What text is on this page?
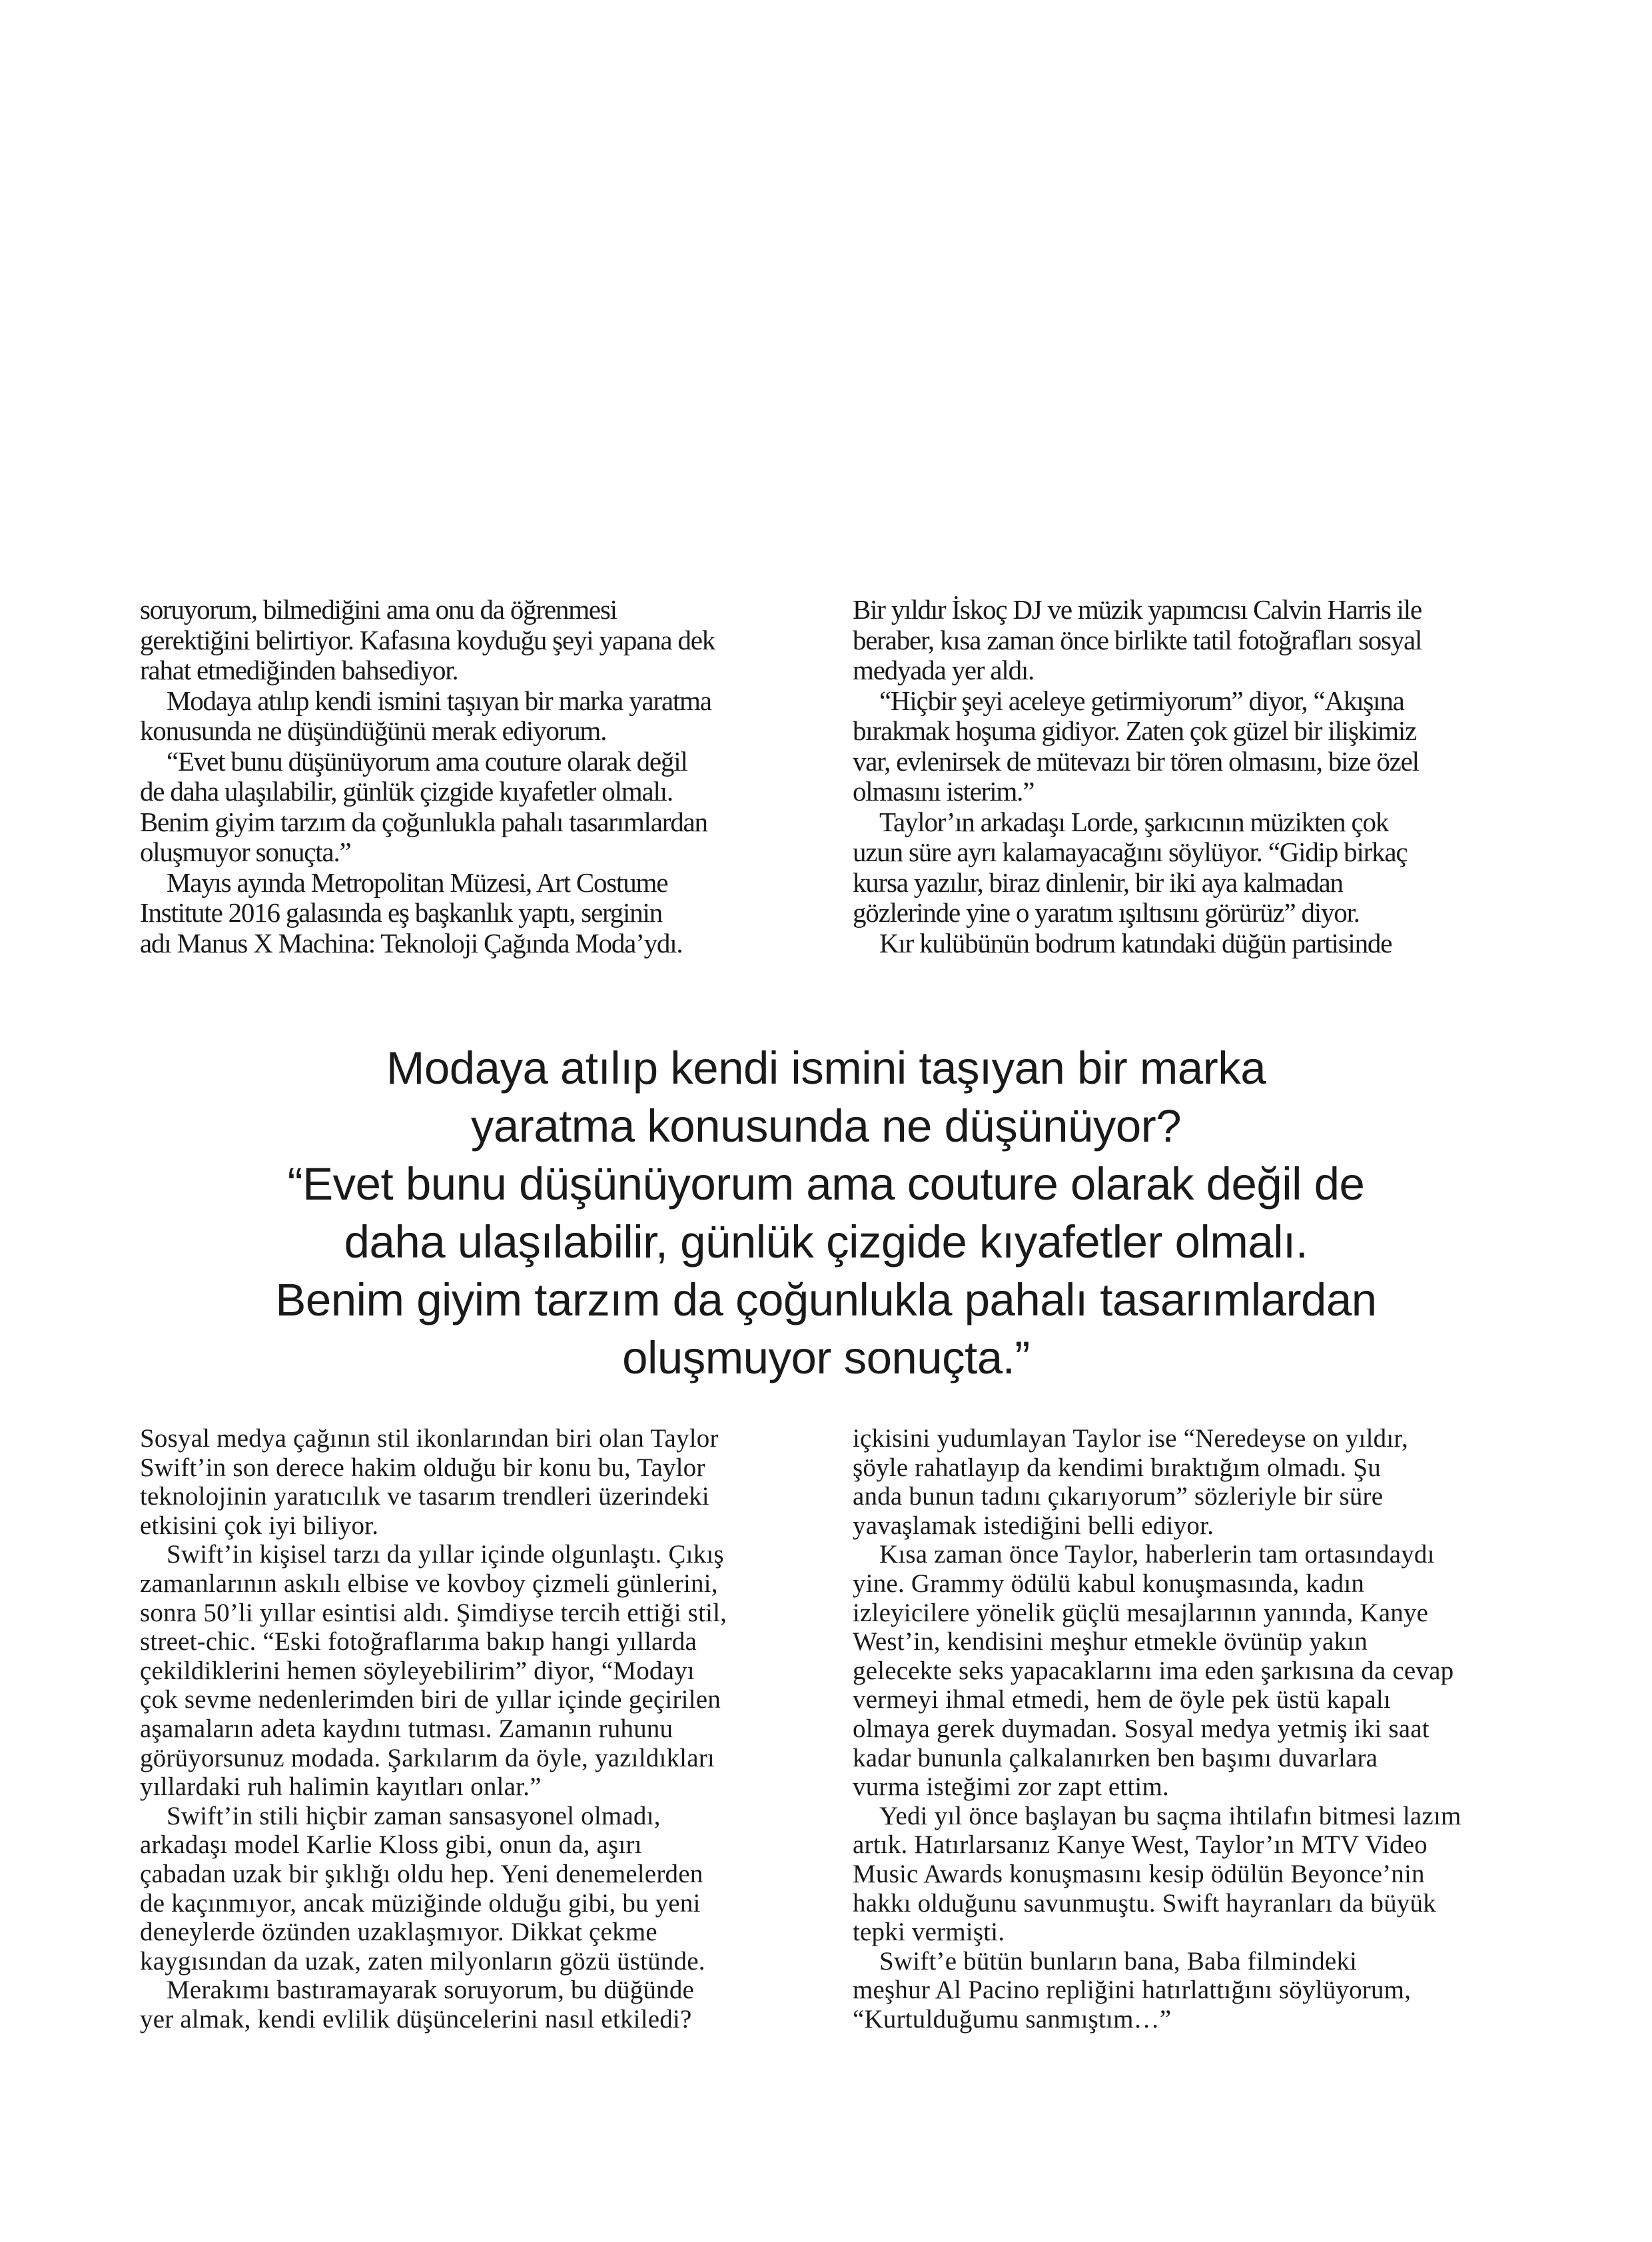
soruyorum, bilmediğini ama onu da öğrenmesi
gerektiğini belirtiyor. Kafasına koyduğu şeyi yapana dek
rahat etmediğinden bahsediyor.
Modaya atılıp kendi ismini taşıyan bir marka yaratma
konusunda ne düşündüğünü merak ediyorum.
“Evet bunu düşünüyorum ama couture olarak değil
de daha ulaşılabilir, günlük çizgide kıyafetler olmalı.
Benim giyim tarzım da çoğunlukla pahalı tasarımlardan
oluşmuyor sonuçta.”
Mayıs ayında Metropolitan Müzesi, Art Costume
Institute 2016 galasında eş başkanlık yaptı, serginin
adı Manus X Machina: Teknoloji Çağında Moda’ydı.
Bir yıldır İskoç DJ ve müzik yapımcısı Calvin Harris ile
beraber, kısa zaman önce birlikte tatil fotoğrafları sosyal
medyada yer aldı.
“Hiçbir şeyi aceleye getirmiyorum” diyor, “Akışına
bırakmak hoşuma gidiyor. Zaten çok güzel bir ilişkimiz
var, evlenirsek de mütevazı bir tören olmasını, bize özel
olmasını isterim.”
Taylor’ın arkadaşı Lorde, şarkıcının müzikten çok
uzun süre ayrı kalamayacağını söylüyor. “Gidip birkaç
kursa yazılır, biraz dinlenir, bir iki aya kalmadan
gözlerinde yine o yaratım ışıltısını görürüz” diyor.
Kır kulübünün bodrum katındaki düğün partisinde
Modaya atılıp kendi ismini taşıyan bir marka
yaratma konusunda ne düşünüyor?
“Evet bunu düşünüyorum ama couture olarak değil de
daha ulaşılabilir, günlük çizgide kıyafetler olmalı.
Benim giyim tarzım da çoğunlukla pahalı tasarımlardan
oluşmuyor sonuçta.”
Sosyal medya çağının stil ikonlarından biri olan Taylor
Swift’in son derece hakim olduğu bir konu bu, Taylor
teknolojinin yaratıcılık ve tasarım trendleri üzerindeki
etkisini çok iyi biliyor.
Swift’in kişisel tarzı da yıllar içinde olgunlaştı. Çıkış
zamanlarının askılı elbise ve kovboy çizmeli günlerini,
sonra 50’li yıllar esintisi aldı. Şimdiyse tercih ettiği stil,
street-chic. “Eski fotoğraflarıma bakıp hangi yıllarda
çekildiklerini hemen söyleyebilirim” diyor, “Modayı
çok sevme nedenlerimden biri de yıllar içinde geçirilen
aşamaların adeta kaydını tutması. Zamanın ruhunu
görüyorsunuz modada. Şarkılarım da öyle, yazıldıkları
yıllardaki ruh halimin kayıtları onlar.”
Swift’in stili hiçbir zaman sansasyonel olmadı,
arkadaşı model Karlie Kloss gibi, onun da, aşırı
çabadan uzak bir şıklığı oldu hep. Yeni denemelerden
de kaçınmıyor, ancak müziğinde olduğu gibi, bu yeni
deneylerde özünden uzaklaşmıyor. Dikkat çekme
kaygısından da uzak, zaten milyonların gözü üstünde.
Merakımı bastıramayarak soruyorum, bu düğünde
yer almak, kendi evlilik düşüncelerini nasıl etkiledi?
içkisini yudumlayan Taylor ise “Neredeyse on yıldır,
şöyle rahatlayıp da kendimi bıraktığım olmadı. Şu
anda bunun tadını çıkarıyorum” sözleriyle bir süre
yavaşlamak istediğini belli ediyor.
Kısa zaman önce Taylor, haberlerin tam ortasındaydı
yine. Grammy ödülü kabul konuşmasında, kadın
izleyicilere yönelik güçlü mesajlarının yanında, Kanye
West’in, kendisini meşhur etmekle övünüp yakın
gelecekte seks yapacaklarını ima eden şarkısına da cevap
vermeyi ihmal etmedi, hem de öyle pek üstü kapalı
olmaya gerek duymadan. Sosyal medya yetmiş iki saat
kadar bununla çalkalanırken ben başımı duvarlara
vurma isteğimi zor zapt ettim.
Yedi yıl önce başlayan bu saçma ihtilafın bitmesi lazım
artık. Hatırlarsanız Kanye West, Taylor’ın MTV Video
Music Awards konuşmasını kesip ödülün Beyonce’nin
hakkı olduğunu savunmuştu. Swift hayranları da büyük
tepki vermişti.
Swift’e bütün bunların bana, Baba filmindeki
meşhur Al Pacino repliğini hatırlattığını söylüyorum,
“Kurtulduğumu sanmıştım…”
